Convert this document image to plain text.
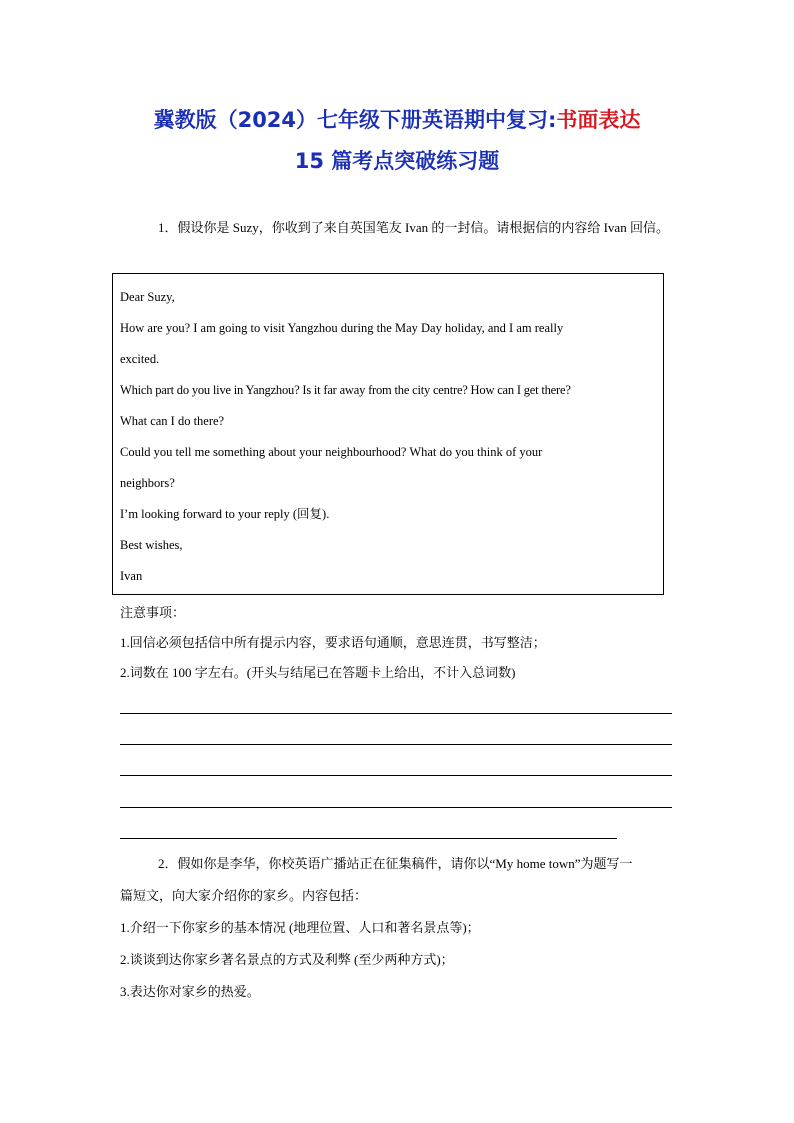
冀教版（2024）七年级下册英语期中复习:书面表达
15 篇考点突破练习题
1．假设你是 Suzy，你收到了来自英国笔友 Ivan 的一封信。请根据信的内容给 Ivan 回信。
Dear Suzy,
How are you? I am going to visit Yangzhou during the May Day holiday, and I am really
excited.
Which part do you live in Yangzhou? Is it far away from the city centre? How can I get there?
What can I do there?
Could you tell me something about your neighbourhood? What do you think of your
neighbors?
I’m looking forward to your reply (回复).
Best wishes,
Ivan
注意事项：
1.回信必须包括信中所有提示内容，要求语句通顺，意思连贯，书写整洁；
2.词数在 100 字左右。(开头与结尾已在答题卡上给出，不计入总词数)
2．假如你是李华，你校英语广播站正在征集稿件，请你以“My home town”为题写一
篇短文，向大家介绍你的家乡。内容包括：
1.介绍一下你家乡的基本情况 (地理位置、人口和著名景点等)；
2.谈谈到达你家乡著名景点的方式及利弊 (至少两种方式)；
3.表达你对家乡的热爱。
